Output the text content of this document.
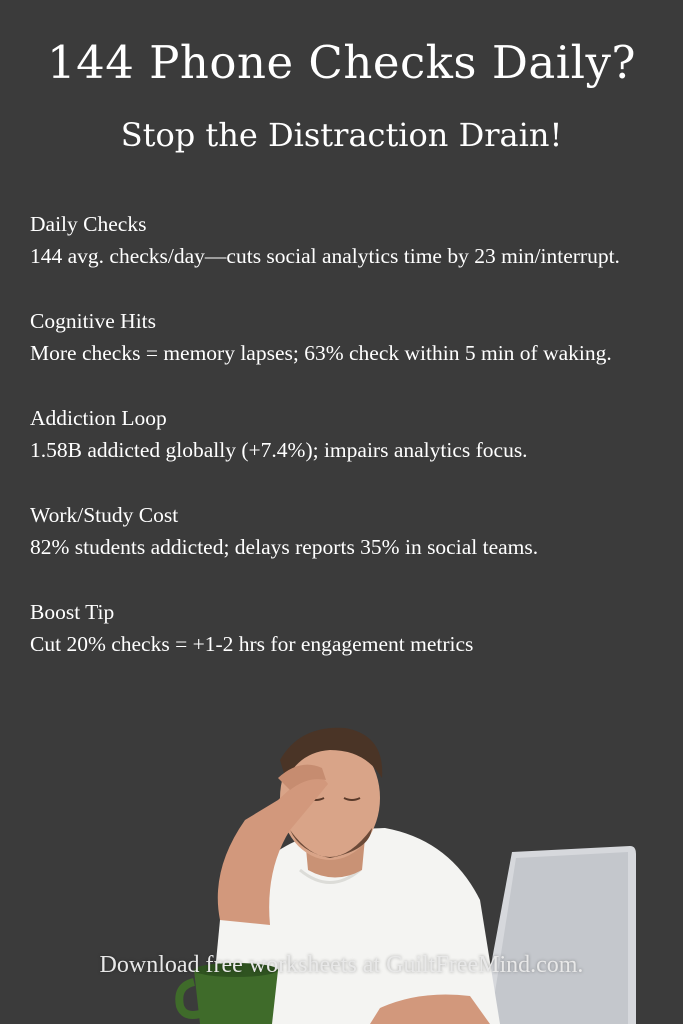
144 Phone Checks Daily?
Stop the Distraction Drain!
Daily Checks
144 avg. checks/day—cuts social analytics time by 23 min/interrupt.
Cognitive Hits
More checks = memory lapses; 63% check within 5 min of waking.
Addiction Loop
1.58B addicted globally (+7.4%); impairs analytics focus.
Work/Study Cost
82% students addicted; delays reports 35% in social teams.
Boost Tip
Cut 20% checks = +1-2 hrs for engagement metrics
Download free worksheets at GuiltFreeMind.com.
